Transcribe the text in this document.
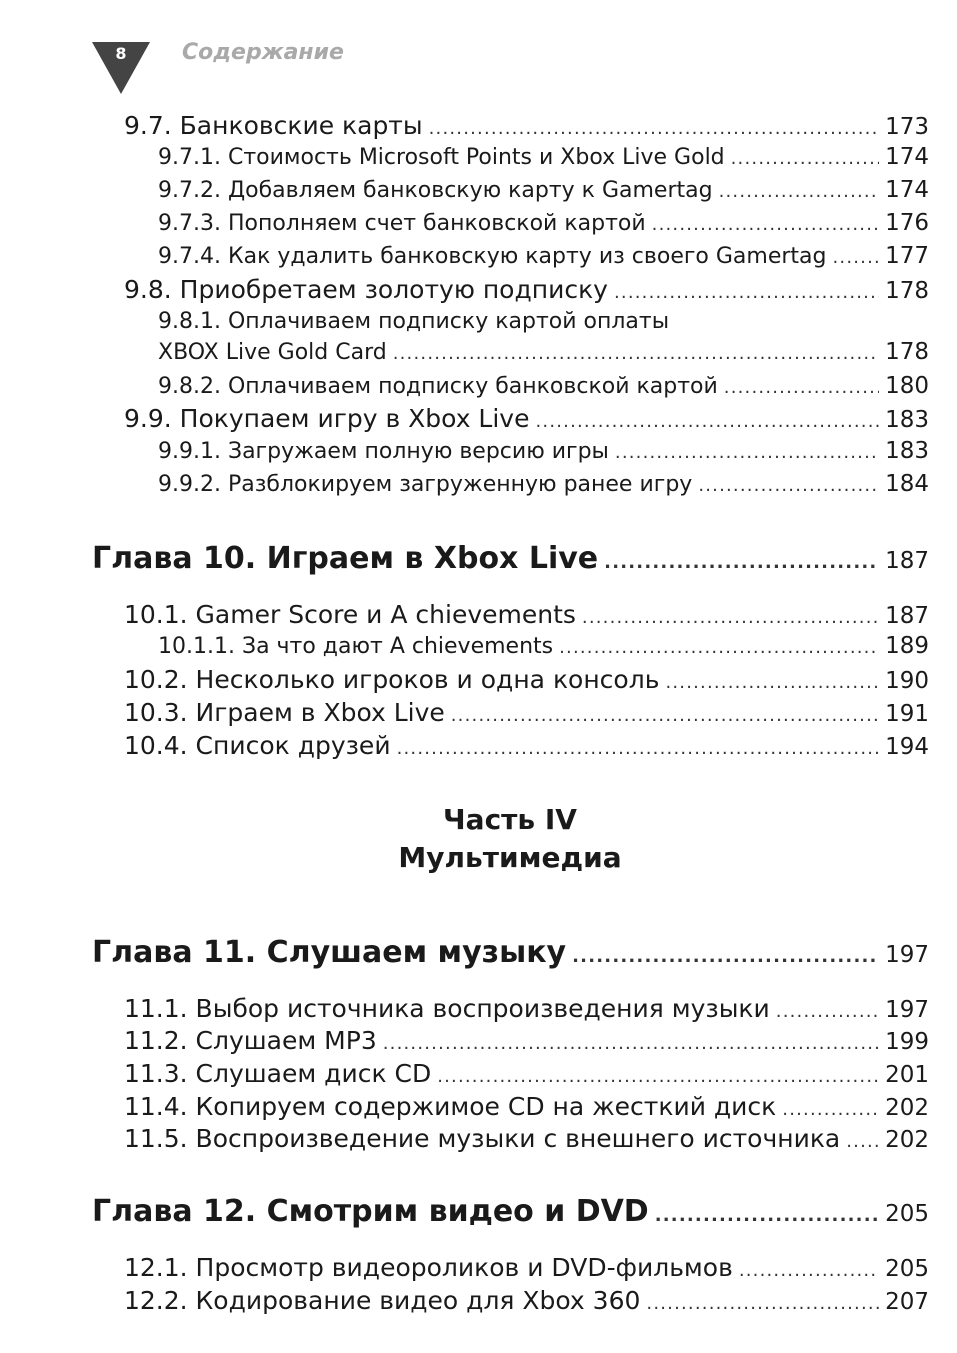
8	Содержание
9.7. Банковские карты .....	173
9.7.1. Стоимость Microsoft Points и Xbox Live Gold .....	174
9.7.2. Добавляем банковскую карту к Gamertag .....	174
9.7.3. Пополняем счет банковской картой .....	176
9.7.4. Как удалить банковскую карту из своего Gamertag .....	177
9.8. Приобретаем золотую подписку .....	178
9.8.1. Оплачиваем подписку картой оплаты
XBOX Live Gold Card .....	178
9.8.2. Оплачиваем подписку банковской картой .....	180
9.9. Покупаем игру в Xbox Live .....	183
9.9.1. Загружаем полную версию игры .....	183
9.9.2. Разблокируем загруженную ранее игру .....	184
Глава 10. Играем в Xbox Live .....	187
10.1. Gamer Score и A chievements .....	187
10.1.1. За что дают A chievements .....	189
10.2. Несколько игроков и одна консоль .....	190
10.3. Играем в Xbox Live .....	191
10.4. Список друзей .....	194
Часть IV
Мультимедиа
Глава 11. Слушаем музыку .....	197
11.1. Выбор источника воспроизведения музыки .....	197
11.2. Слушаем MP3 .....	199
11.3. Слушаем диск CD .....	201
11.4. Копируем содержимое CD на жесткий диск .....	202
11.5. Воспроизведение музыки с внешнего источника ..... 202
Глава 12. Смотрим видео и DVD .....	205
12.1. Просмотр видеороликов и DVD-фильмов .....	205
12.2. Кодирование видео для Xbox 360 .....	207
